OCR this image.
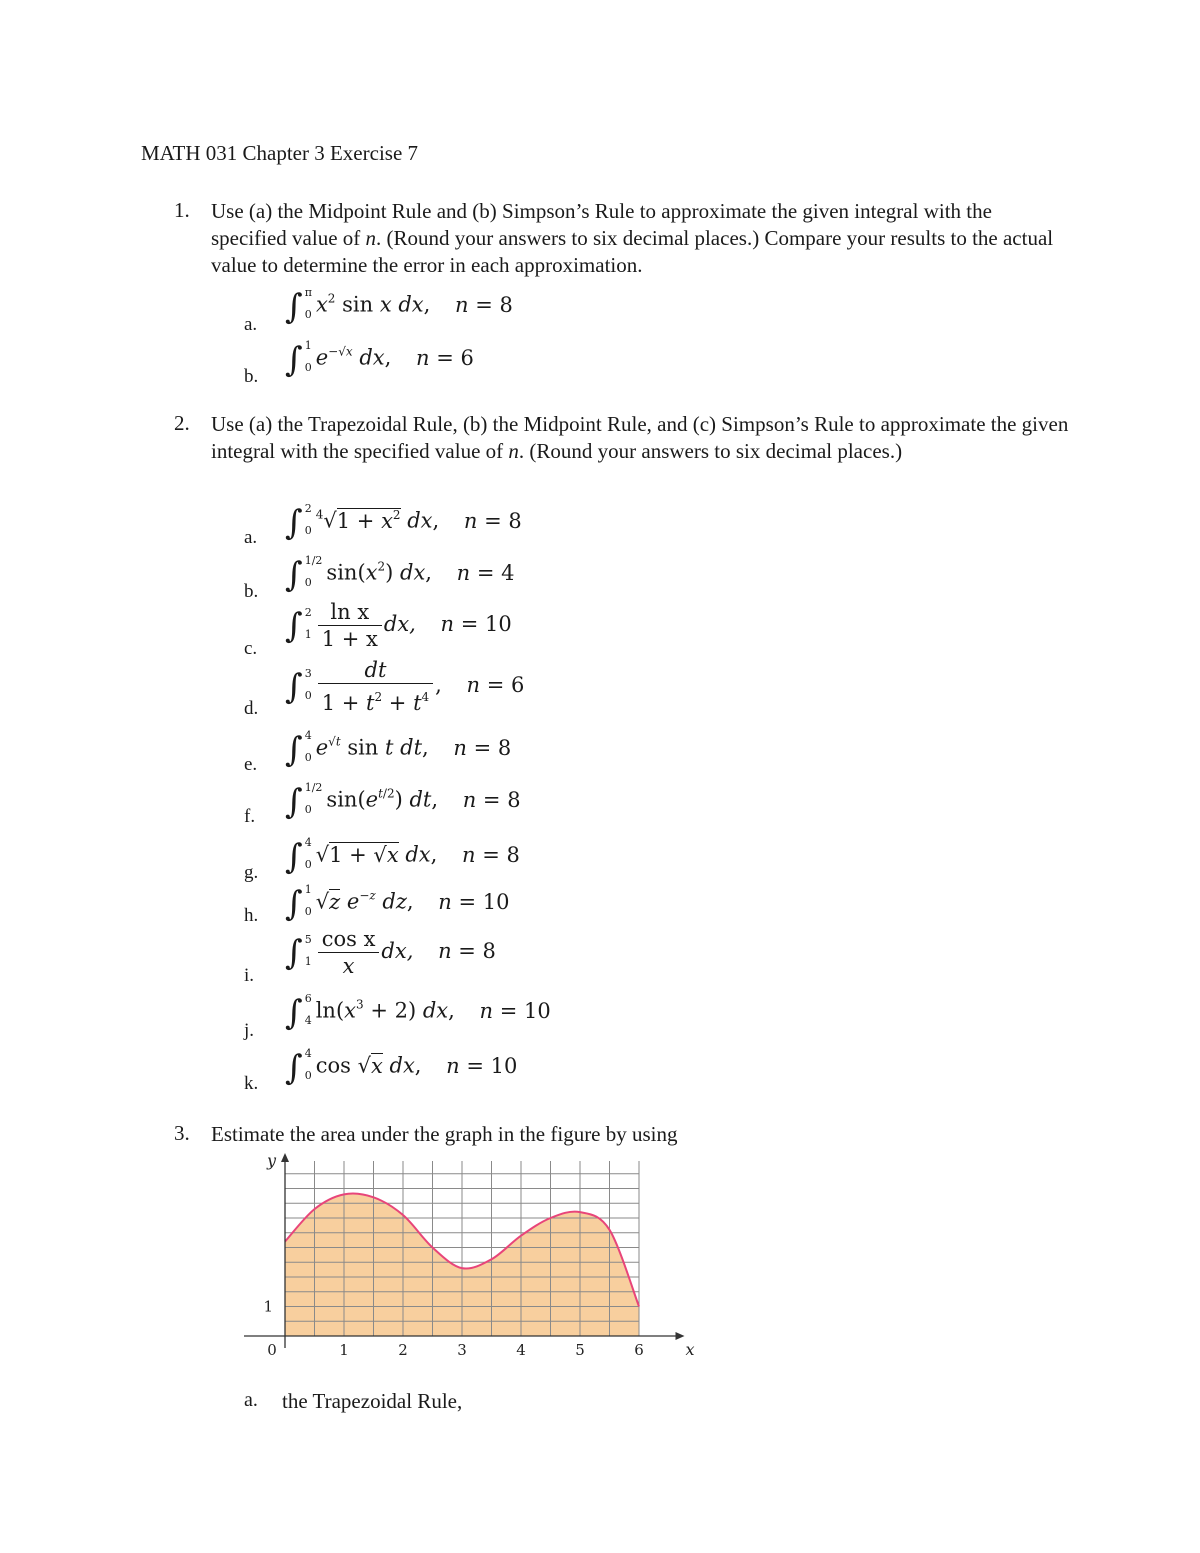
MATH 031 Chapter 3 Exercise 7
1. Use (a) the Midpoint Rule and (b) Simpson’s Rule to approximate the given integral with the specified value of n. (Round your answers to six decimal places.) Compare your results to the actual value to determine the error in each approximation.
a. ∫ π
0 $x^2$ sin x dx, n = 8
b. ∫ 1
0 $e^{-√x}$ dx, n = 6
2. Use (a) the Trapezoidal Rule, (b) the Midpoint Rule, and (c) Simpson’s Rule to approximate the given integral with the specified value of n. (Round your answers to six decimal places.)
a. ∫ 2
0
$^4√1 + x^2$ dx, n = 8
b. ∫ 1/2
0 $\sin(x^2)$ dx, n = 4
c.
∫ 2
$1 \frac{\text{ln x}}{1 + x}$ dx, n = 10
d.
∫ 3
$0 \frac{dt}{1 + t^2 + t^4}$ , n = 6
e. ∫ 4
0 $e^{√t}$ sin t dt, n = 8
f. ∫ 1/2
0 $\sin(e^{t/2})$ dt, n = 8
g. ∫ 4
0 √1 + √x dx, n = 8
h. ∫ 1
0 √z $e^{-z}$ dz, n = 10
i.
∫ 5
$1 \frac{\text{cos x}}{x}$ dx, n = 8
j. ∫ 6
4 $\ln(x^3 + 2)$ dx, n = 10
k. ∫ 4
0 cos √x dx, n = 10
3. Estimate the area under the graph in the figure by using
0	1	2	3	4	5	6
1
x
y
a. the Trapezoidal Rule,
